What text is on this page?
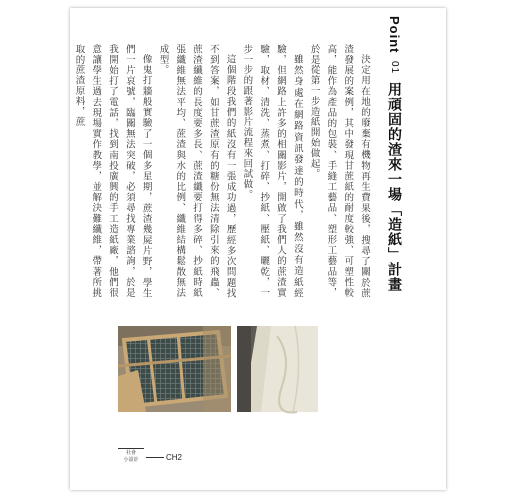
Point 01 用頑固的渣來一場「造紙」計畫

決定用在地的廢棄有機物再生費果後，搜尋了關於蔗渣發展的案例，其中發現甘蔗紙的耐度較強、可塑性較高，能作為產品的包裝、手縫工藝品、塑形工藝品等，於是從第一步造紙開始做起。

雖然身處在網路資訊發達的時代，雖然沒有造紙經驗，但網路上許多的相關影片，開啟了我們人的蔗渣實驗，取材、清洗、蒸煮、打碎、抄紙、壓紙、曬乾，一步一步的跟著影片流程來回試做。

這個階段我們的紙沒有一張成功過，歷經多次問題找不到答案，如甘蔗渣原有的糖份無法清除引來的飛蟲、蔗渣纖維的長度要多長、蔗渣纖要打得多碎、抄紙時紙張纖維無法平均、蔗渣與水的比例、纖維結構鬆散無法成型。

像鬼打牆般實驗了一個多星期，蔗渣幾屍片野，學生們一片哀號，臨關無法突破，必須尋找專業諮詢，於是我開始打了電話，找到南投廣興的手工造紙廠，他們很意讓學生過去現場實作教學，並解決難纖維，帶著所挑取的蔗渣原料，蔗

社會
小設計	CH2
